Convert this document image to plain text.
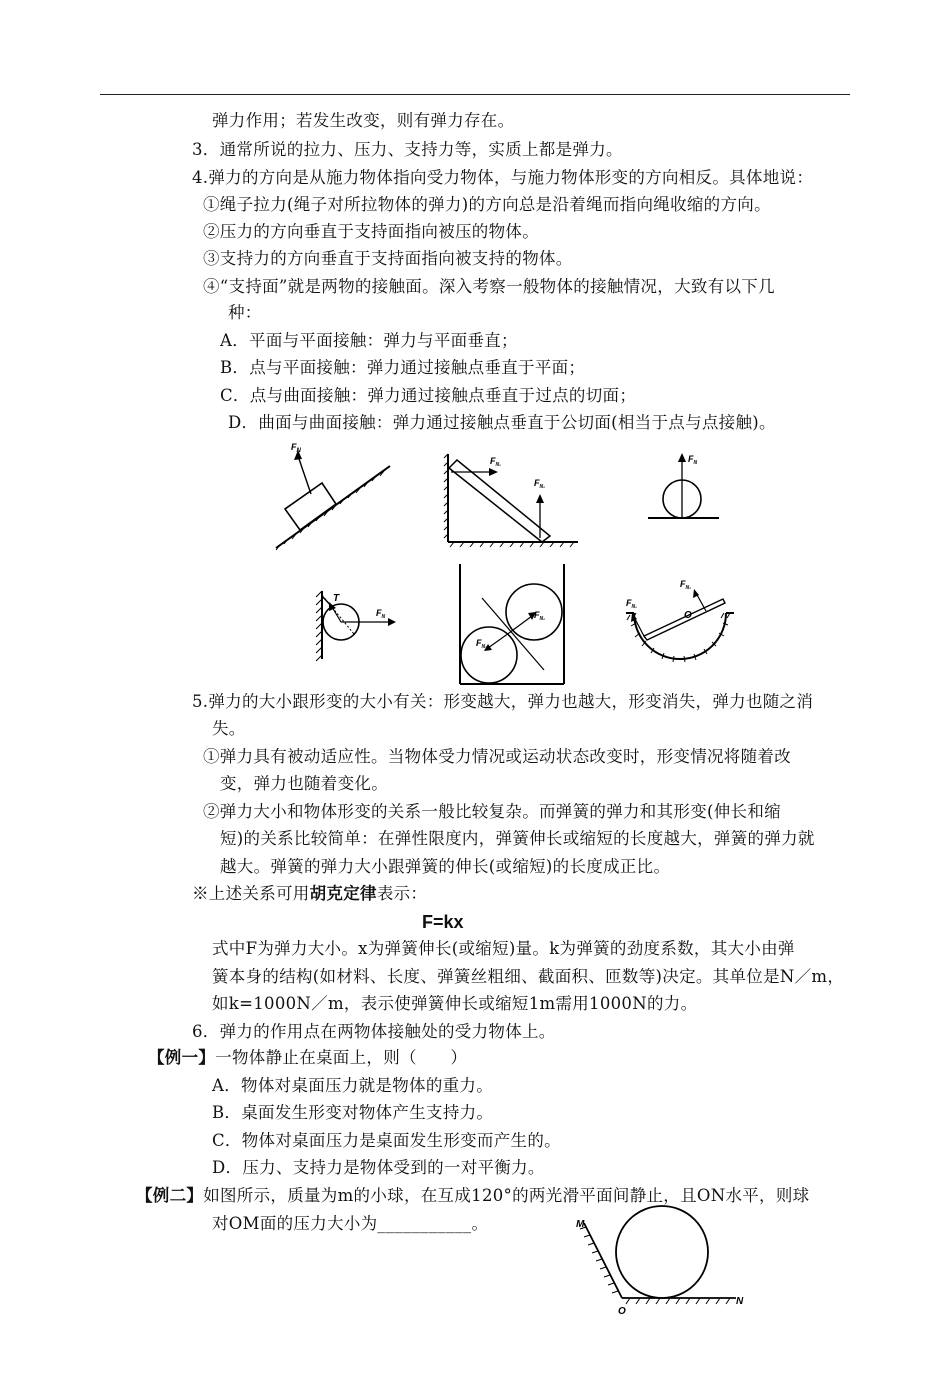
弹力作用；若发生改变，则有弹力存在。
3．通常所说的拉力、压力、支持力等，实质上都是弹力。
4.弹力的方向是从施力物体指向受力物体，与施力物体形变的方向相反。具体地说：
①绳子拉力(绳子对所拉物体的弹力)的方向总是沿着绳而指向绳收缩的方向。
②压力的方向垂直于支持面指向被压的物体。
③支持力的方向垂直于支持面指向被支持的物体。
④“支持面”就是两物的接触面。深入考察一般物体的接触情况，大致有以下几
种：
A．平面与平面接触：弹力与平面垂直；
B．点与平面接触：弹力通过接触点垂直于平面；
C．点与曲面接触：弹力通过接触点垂直于过点的切面；
D．曲面与曲面接触：弹力通过接触点垂直于公切面(相当于点与点接触)。
$F_N$
$F_{N_1}$
$F_{N_2}$
$F_N$
T
$F_N$	$F_{N_2}$
$F_{N_1}$
$F_{N_1}$
$F_{N_2}$
O
5.弹力的大小跟形变的大小有关：形变越大，弹力也越大，形变消失，弹力也随之消
失。
①弹力具有被动适应性。当物体受力情况或运动状态改变时，形变情况将随着改
变，弹力也随着变化。
②弹力大小和物体形变的关系一般比较复杂。而弹簧的弹力和其形变(伸长和缩
短)的关系比较简单：在弹性限度内，弹簧伸长或缩短的长度越大，弹簧的弹力就
越大。弹簧的弹力大小跟弹簧的伸长(或缩短)的长度成正比。
※上述关系可用胡克定律表示：
F=kx
式中F为弹力大小。x为弹簧伸长(或缩短)量。k为弹簧的劲度系数，其大小由弹
簧本身的结构(如材料、长度、弹簧丝粗细、截面积、匝数等)决定。其单位是N／m，
如k=1000N／m，表示使弹簧伸长或缩短1m需用1000N的力。
6．弹力的作用点在两物体接触处的受力物体上。
【例一】一物体静止在桌面上，则（　　）
A．物体对桌面压力就是物体的重力。
B．桌面发生形变对物体产生支持力。
C．物体对桌面压力是桌面发生形变而产生的。
D．压力、支持力是物体受到的一对平衡力。
【例二】如图所示，质量为m的小球，在互成120°的两光滑平面间静止，且ON水平，则球
对OM面的压力大小为___________。	M
N
O
